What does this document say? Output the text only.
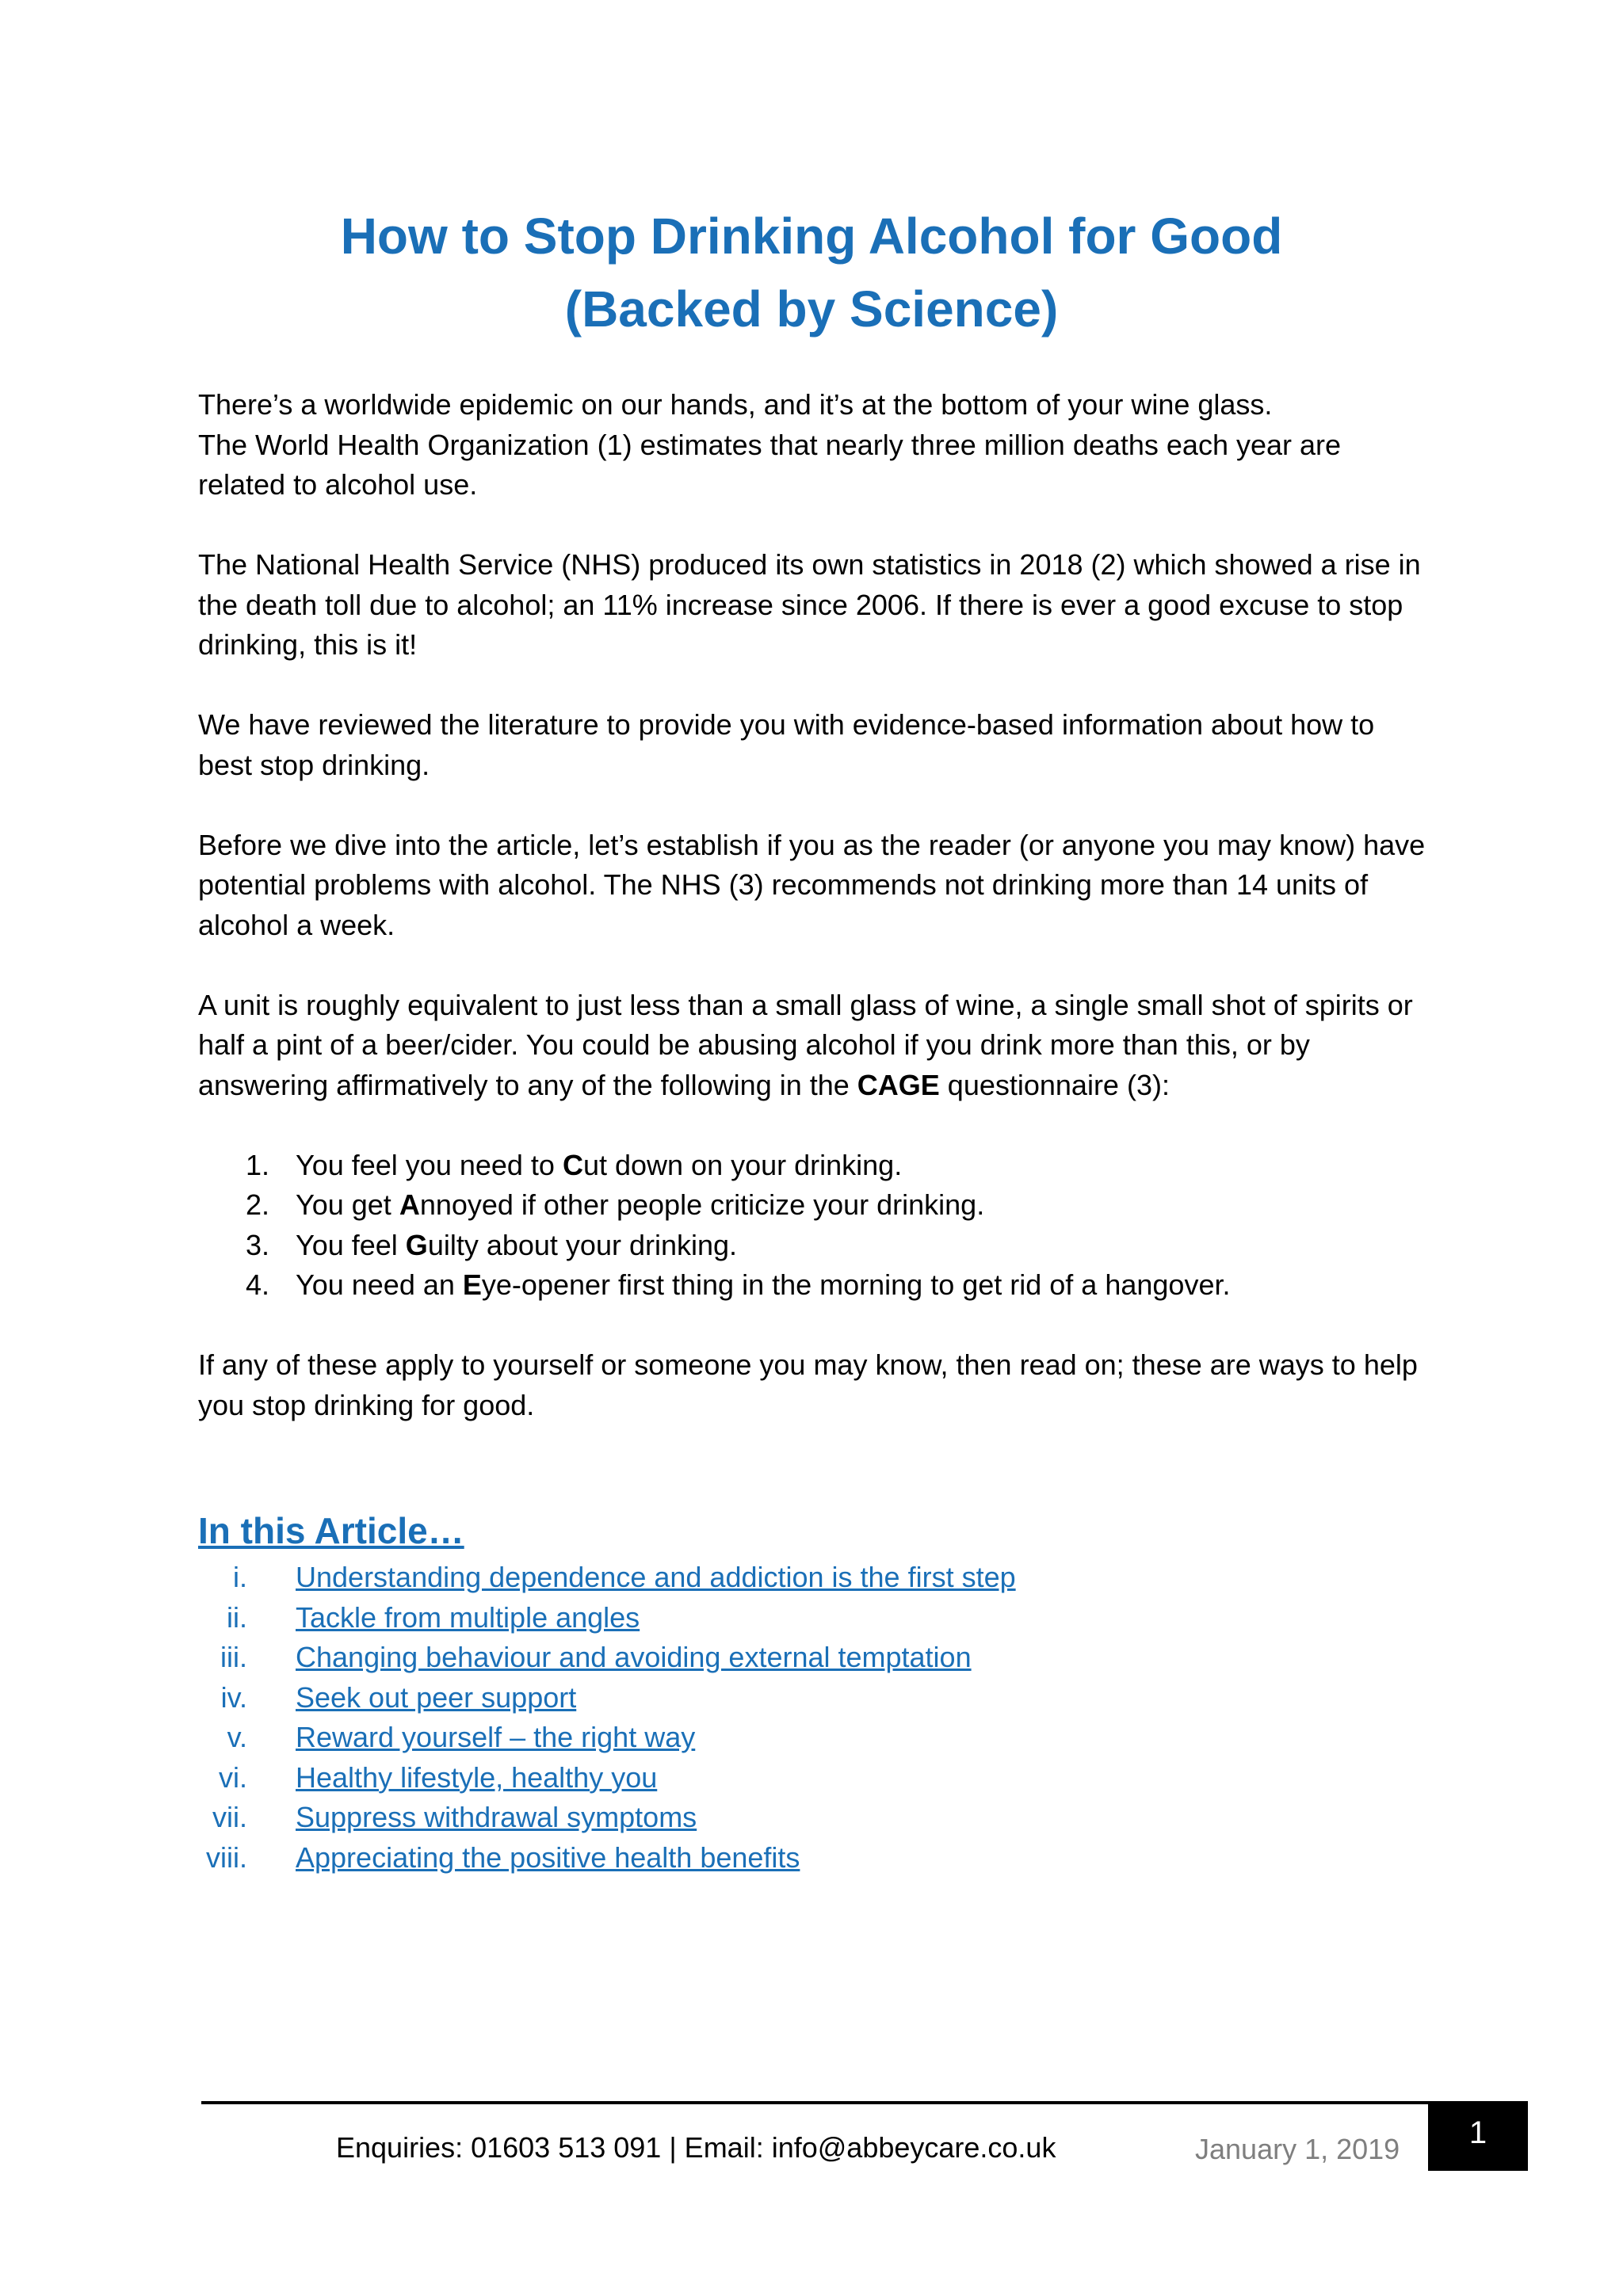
How to Stop Drinking Alcohol for Good
(Backed by Science)

There’s a worldwide epidemic on our hands, and it’s at the bottom of your wine glass.
The World Health Organization (1) estimates that nearly three million deaths each year are related to alcohol use.

The National Health Service (NHS) produced its own statistics in 2018 (2) which showed a rise in the death toll due to alcohol; an 11% increase since 2006. If there is ever a good excuse to stop drinking, this is it!

We have reviewed the literature to provide you with evidence-based information about how to best stop drinking.

Before we dive into the article, let’s establish if you as the reader (or anyone you may know) have potential problems with alcohol. The NHS (3) recommends not drinking more than 14 units of alcohol a week.

A unit is roughly equivalent to just less than a small glass of wine, a single small shot of spirits or half a pint of a beer/cider. You could be abusing alcohol if you drink more than this, or by answering affirmatively to any of the following in the CAGE questionnaire (3):

1. You feel you need to Cut down on your drinking.
2. You get Annoyed if other people criticize your drinking.
3. You feel Guilty about your drinking.
4. You need an Eye-opener first thing in the morning to get rid of a hangover.

If any of these apply to yourself or someone you may know, then read on; these are ways to help you stop drinking for good.

In this Article…
i. Understanding dependence and addiction is the first step
ii. Tackle from multiple angles
iii. Changing behaviour and avoiding external temptation
iv. Seek out peer support
v. Reward yourself – the right way
vi. Healthy lifestyle, healthy you
vii. Suppress withdrawal symptoms
viii. Appreciating the positive health benefits
Enquiries: 01603 513 091 | Email: info@abbeycare.co.uk	January 1, 2019	1
